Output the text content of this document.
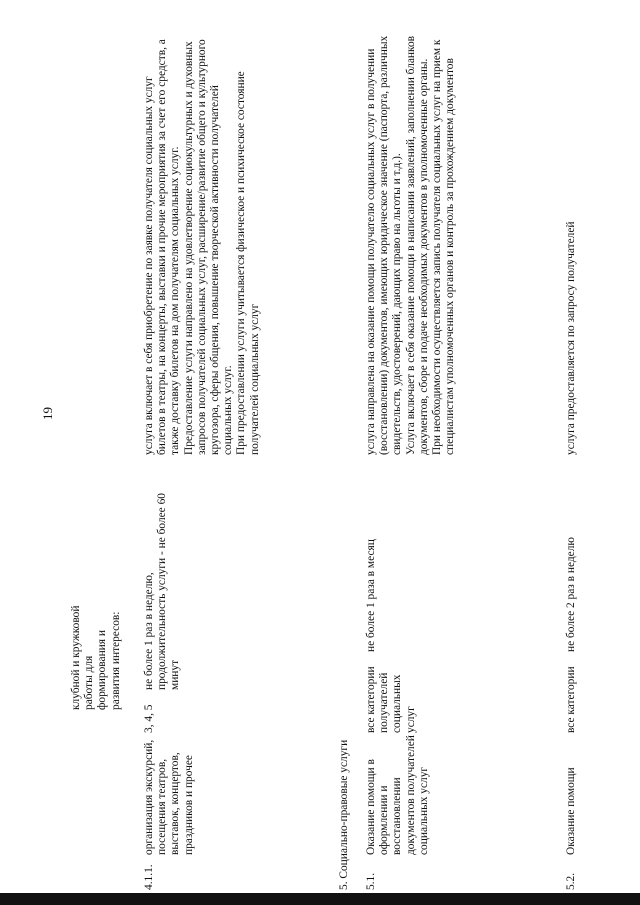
19
клубной и кружковой работы для формирования и развития интересов:
4.1.1.
организация экскурсий, посещения театров, выставок, концертов, праздников и прочее
3, 4, 5
не более 1 раз в неделю, продолжительность услуги - не более 60 минут
услуга включает в себя приобретение по заявке получателя социальных услуг билетов в театры, на концерты, выставки и прочие мероприятия за счет его средств, а также доставку билетов на дом получателям социальных услуг. Предоставление услуги направлено на удовлетворение социокультурных и духовных запросов получателей социальных услуг, расширение/развитие общего и культурного кругозора, сферы общения, повышение творческой активности получателей социальных услуг. При предоставлении услуги учитывается физическое и психическое состояние получателей социальных услуг
5. Социально-правовые услуги 5.1.
Оказание помощи в оформлении и восстановлении документов получателей социальных услуг
все категории получателей социальных услуг
не более 1 раза в месяц
услуга направлена на оказание помощи получателю социальных услуг в получении (восстановлении) документов, имеющих юридическое значение (паспорта, различных свидетельств, удостоверений, дающих право на льготы и т.д.). Услуга включает в себя оказание помощи в написании заявлений, заполнении бланков документов, сборе и подаче необходимых документов в уполномоченные органы. При необходимости осуществляется запись получателя социальных услуг на прием к специалистам уполномоченных органов и контроль за прохождением документов
5.2.
Оказание помощи
все категории
не более 2 раз в неделю
услуга предоставляется по запросу получателей
